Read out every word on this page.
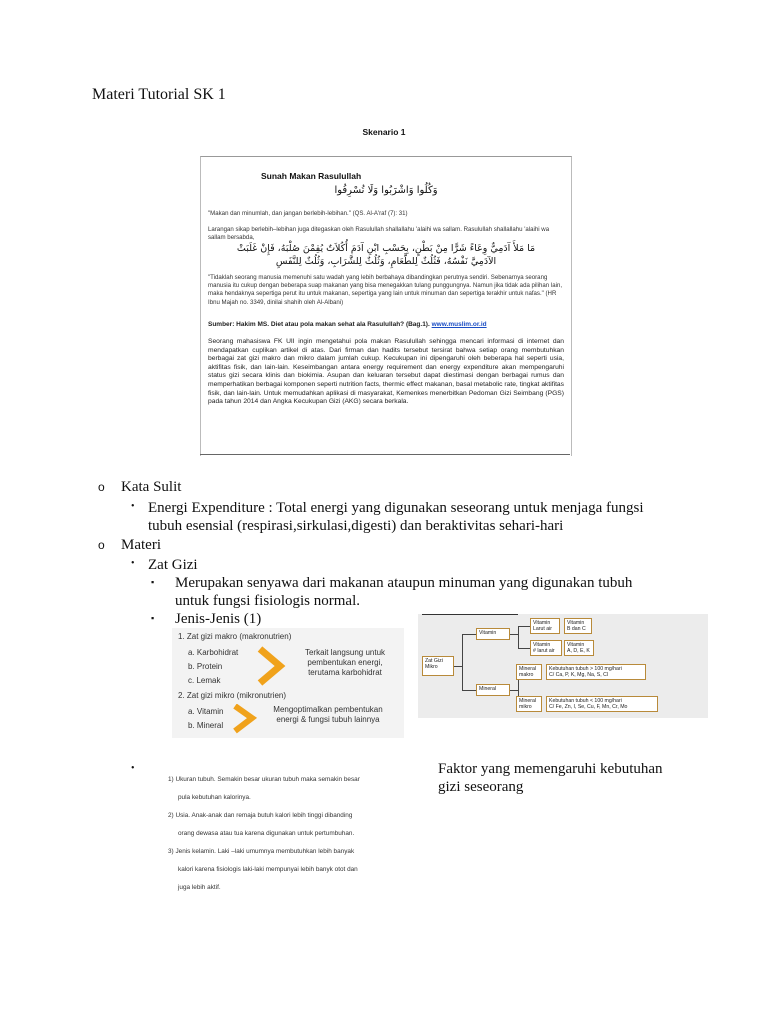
Materi Tutorial SK 1
Skenario 1
Sunah Makan Rasulullah
وَكُلُوا وَاشْرَبُوا وَلَا تُسْرِفُوا
"Makan dan minumlah, dan jangan berlebih-lebihan." (QS. Al-A'raf (7): 31)
Larangan sikap berlebih–lebihan juga ditegaskan oleh Rasulullah shallallahu 'alaihi wa sallam. Rasulullah shallallahu 'alaihi wa sallam bersabda,
مَا مَلأَ آدَمِيٌّ وِعَاءً شَرًّا مِنْ بَطْنٍ، بِحَسْبِ ابْنِ آدَمَ أُكُلاَتٌ يُقِمْنَ صُلْبَهُ، فَإِنْ غَلَبَتْ
الآدَمِيَّ نَفْسُهُ، فَثُلُثٌ لِلطَّعَامِ، وَثُلُثٌ لِلشَّرَابِ، وَثُلُثٌ لِلنَّفَسِ
"Tidaklah seorang manusia memenuhi satu wadah yang lebih berbahaya dibandingkan perutnya sendiri. Sebenarnya seorang manusia itu cukup dengan beberapa suap makanan yang bisa menegakkan tulang punggungnya. Namun jika tidak ada pilihan lain, maka hendaknya sepertiga perut itu untuk makanan, sepertiga yang lain untuk minuman dan sepertiga terakhir untuk nafas." (HR Ibnu Majah no. 3349, dinilai shahih oleh Al-Albani)
Sumber: Hakim MS. Diet atau pola makan sehat ala Rasulullah? (Bag.1). www.muslim.or.id
Seorang mahasiswa FK UII ingin mengetahui pola makan Rasulullah sehingga mencari informasi di internet dan mendapatkan cuplikan artikel di atas. Dari firman dan hadits tersebut tersirat bahwa setiap orang membutuhkan berbagai zat gizi makro dan mikro dalam jumlah cukup. Kecukupan ini dipengaruhi oleh beberapa hal seperti usia, aktifitas fisik, dan lain-lain. Keseimbangan antara energy requirement dan energy expenditure akan mempengaruhi status gizi secara klinis dan biokimia. Asupan dan keluaran tersebut dapat diestimasi dengan berbagai rumus dan memperhatikan berbagai komponen seperti nutrition facts, thermic effect makanan, basal metabolic rate, tingkat aktifitas fisik, dan lain-lain. Untuk memudahkan aplikasi di masyarakat, Kemenkes menerbitkan Pedoman Gizi Seimbang (PGS) pada tahun 2014 dan Angka Kecukupan Gizi (AKG) secara berkala.
o Kata Sulit
• Energi Expenditure : Total energi yang digunakan seseorang untuk menjaga fungsi
tubuh esensial (respirasi,sirkulasi,digesti) dan beraktivitas sehari-hari
o Materi
• Zat Gizi
▪ Merupakan senyawa dari makanan ataupun minuman yang digunakan tubuh
untuk fungsi fisiologis normal.
▪ Jenis-Jenis (1)
1. Zat gizi makro (makronutrien)
a. Karbohidrat
b. Protein
c. Lemak
Terkait langsung untuk
pembentukan energi,
terutama karbohidrat
2. Zat gizi mikro (mikronutrien)
a. Vitamin
b. Mineral
Mengoptimalkan pembentukan
energi & fungsi tubuh lainnya
Zat Gizi
Mikro
Vitamin
Mineral
Vitamin
Larut air
Vitamin
B dan C
Vitamin
# larut air
Vitamin
A, D, E, K
Mineral
makro
Kebutuhan tubuh > 100 mg/hari
C/ Ca, P, K, Mg, Na, S, Cl
Mineral
mikro
Kebutuhan tubuh < 100 mg/hari
C/ Fe, Zn, I, Se, Cu, F, Mn, Cr, Mo
•
1) Ukuran tubuh. Semakin besar ukuran tubuh maka semakin besar
pula kebutuhan kalorinya.
2) Usia. Anak-anak dan remaja butuh kalori lebih tinggi dibanding
orang dewasa atau tua karena digunakan untuk pertumbuhan.
3) Jenis kelamin. Laki –laki umumnya membutuhkan lebih banyak
kalori karena fisiologis laki-laki mempunyai lebih banyk otot dan
juga lebih aktif.
Faktor yang memengaruhi kebutuhan
gizi seseorang
